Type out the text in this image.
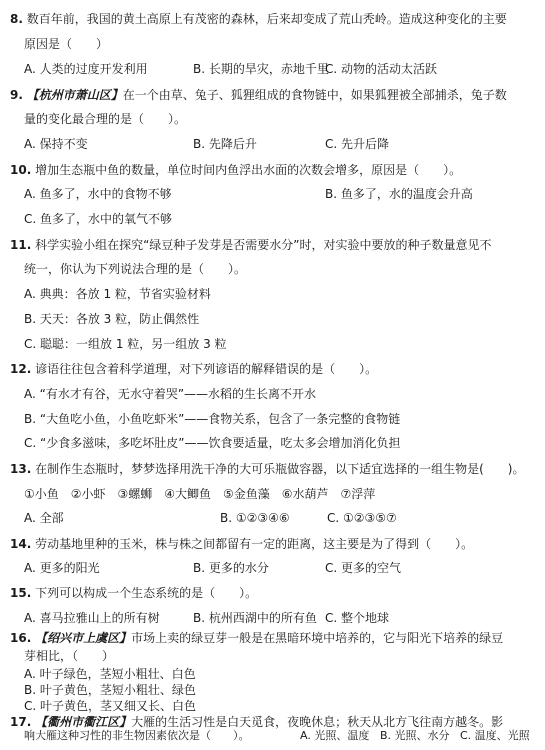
8. 数百年前，我国的黄土高原上有茂密的森林，后来却变成了荒山秃岭。造成这种变化的主要
原因是（　　）
A. 人类的过度开发利用	B. 长期的旱灾，赤地千里
C. 动物的活动太活跃
9. 【杭州市萧山区】在一个由草、兔子、狐狸组成的食物链中，如果狐狸被全部捕杀，兔子数
量的变化最合理的是（　　）。
A. 保持不变	B. 先降后升	C. 先升后降
10. 增加生态瓶中鱼的数量，单位时间内鱼浮出水面的次数会增多，原因是（　　）。
A. 鱼多了，水中的食物不够	B. 鱼多了，水的温度会升高
C. 鱼多了，水中的氧气不够
11. 科学实验小组在探究“绿豆种子发芽是否需要水分”时，对实验中要放的种子数量意见不
统一，你认为下列说法合理的是（　　）。
A. 典典：各放 1 粒，节省实验材料
B. 天天：各放 3 粒，防止偶然性
C. 聪聪：一组放 1 粒，另一组放 3 粒
12. 谚语往往包含着科学道理，对下列谚语的解释错误的是（　　）。
A. “有水才有谷，无水守着哭”——水稻的生长离不开水
B. “大鱼吃小鱼，小鱼吃虾米”——食物关系，包含了一条完整的食物链
C. “少食多滋味，多吃坏肚皮”——饮食要适量，吃太多会增加消化负担
13. 在制作生态瓶时，梦梦选择用洗干净的大可乐瓶做容器，以下适宜选择的一组生物是(　　)。
①小鱼　②小虾　③螺蛳　④大鲫鱼　⑤金鱼藻　⑥水葫芦　⑦浮萍
A. 全部	B. ①②③④⑥	C. ①②③⑤⑦
14. 劳动基地里种的玉米，株与株之间都留有一定的距离，这主要是为了得到（　　）。
A. 更多的阳光	B. 更多的水分	C. 更多的空气
15. 下列可以构成一个生态系统的是（　　）。
A. 喜马拉雅山上的所有树	B. 杭州西湖中的所有鱼 C. 整个地球
16. 【绍兴市上虞区】市场上卖的绿豆芽一般是在黑暗环境中培养的，它与阳光下培养的绿豆
芽相比，（　　）
A. 叶子绿色，茎短小粗壮、白色
B. 叶子黄色，茎短小粗壮、绿色
C. 叶子黄色，茎又细又长、白色
17. 【衢州市衢江区】大雁的生活习性是白天觅食，夜晚休息；秋天从北方飞往南方越冬。影
响大雁这种习性的非生物因素依次是（　　）。	A. 光照、温度 B. 光照、水分 C. 温度、光照
